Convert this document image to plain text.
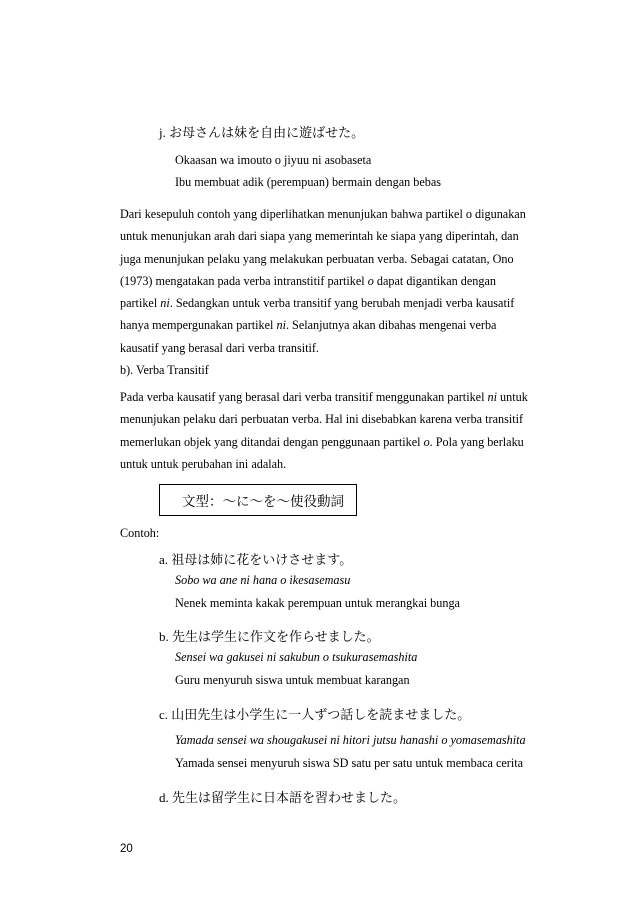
j. お母さんは妹を自由に遊ばせた。
Okaasan wa imouto o jiyuu ni asobaseta
Ibu membuat adik (perempuan) bermain dengan bebas
Dari kesepuluh contoh yang diperlihatkan menunjukan bahwa partikel o digunakan
untuk menunjukan arah dari siapa yang memerintah ke siapa yang diperintah, dan
juga menunjukan pelaku yang melakukan perbuatan verba. Sebagai catatan, Ono
(1973) mengatakan pada verba intranstitif partikel o dapat digantikan dengan
partikel ni. Sedangkan untuk verba transitif yang berubah menjadi verba kausatif
hanya mempergunakan partikel ni. Selanjutnya akan dibahas mengenai verba
kausatif yang berasal dari verba transitif.
b). Verba Transitif
Pada verba kausatif yang berasal dari verba transitif menggunakan partikel ni untuk
menunjukan pelaku dari perbuatan verba. Hal ini disebabkan karena verba transitif
memerlukan objek yang ditandai dengan penggunaan partikel o. Pola yang berlaku
untuk untuk perubahan ini adalah.
文型：～に～を～使役動詞
Contoh:
a. 祖母は姉に花をいけさせます。
Sobo wa ane ni hana o ikesasemasu
Nenek meminta kakak perempuan untuk merangkai bunga
b. 先生は学生に作文を作らせました。
Sensei wa gakusei ni sakubun o tsukurasemashita
Guru menyuruh siswa untuk membuat karangan
c. 山田先生は小学生に一人ずつ話しを読ませました。
Yamada sensei wa shougakusei ni hitori jutsu hanashi o yomasemashita
Yamada sensei menyuruh siswa SD satu per satu untuk membaca cerita
d. 先生は留学生に日本語を習わせました。
20
